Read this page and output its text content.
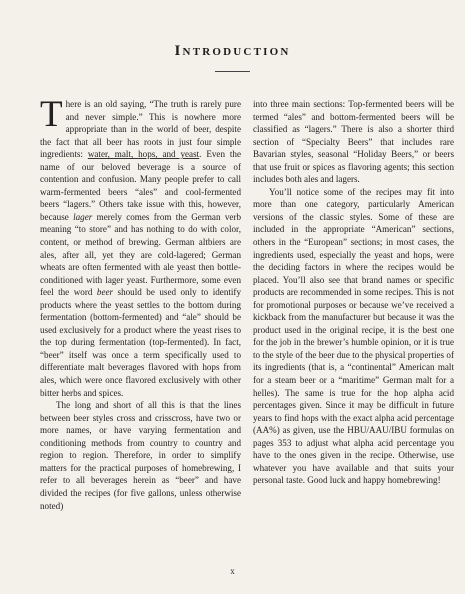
Introduction

There is an old saying, “The truth is rarely pure and never simple.” This is nowhere more appropriate than in the world of beer, despite the fact that all beer has roots in just four simple ingredients: water, malt, hops, and yeast. Even the name of our beloved beverage is a source of contention and confusion. Many people prefer to call warm-fermented beers “ales” and cool-fermented beers “lagers.” Others take issue with this, however, because lager merely comes from the German verb meaning “to store” and has nothing to do with color, content, or method of brewing. German altbiers are ales, after all, yet they are cold-lagered; German wheats are often fermented with ale yeast then bottle-conditioned with lager yeast. Furthermore, some even feel the word beer should be used only to identify products where the yeast settles to the bottom during fermentation (bottom-fermented) and “ale” should be used exclusively for a product where the yeast rises to the top during fermentation (top-fermented). In fact, “beer” itself was once a term specifically used to differentiate malt beverages flavored with hops from ales, which were once flavored exclusively with other bitter herbs and spices.

The long and short of all this is that the lines between beer styles cross and crisscross, have two or more names, or have varying fermentation and conditioning methods from country to country and region to region. Therefore, in order to simplify matters for the practical purposes of homebrewing, I refer to all beverages herein as “beer” and have divided the recipes (for five gallons, unless otherwise noted)

into three main sections: Top-fermented beers will be termed “ales” and bottom-fermented beers will be classified as “lagers.” There is also a shorter third section of “Specialty Beers” that includes rare Bavarian styles, seasonal “Holiday Beers,” or beers that use fruit or spices as flavoring agents; this section includes both ales and lagers.

You’ll notice some of the recipes may fit into more than one category, particularly American versions of the classic styles. Some of these are included in the appropriate “American” sections, others in the “European” sections; in most cases, the ingredients used, especially the yeast and hops, were the deciding factors in where the recipes would be placed. You’ll also see that brand names or specific products are recommended in some recipes. This is not for promotional purposes or because we’ve received a kickback from the manufacturer but because it was the product used in the original recipe, it is the best one for the job in the brewer’s humble opinion, or it is true to the style of the beer due to the physical properties of its ingredients (that is, a “continental” American malt for a steam beer or a “maritime” German malt for a helles). The same is true for the hop alpha acid percentages given. Since it may be difficult in future years to find hops with the exact alpha acid percentage (AA%) as given, use the HBU/AAU/IBU formulas on pages 353 to adjust what alpha acid percentage you have to the ones given in the recipe. Otherwise, use whatever you have available and that suits your personal taste. Good luck and happy homebrewing!

x
